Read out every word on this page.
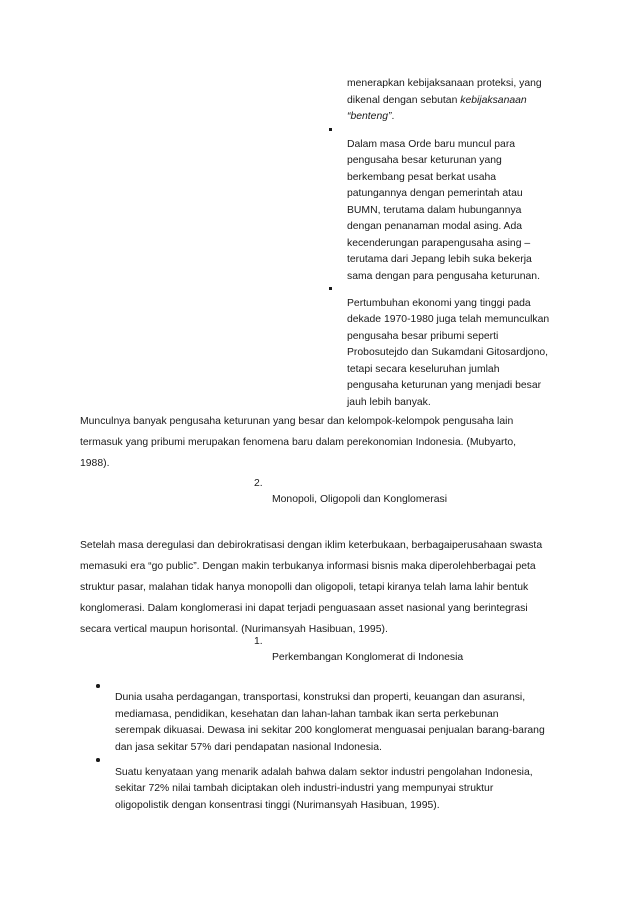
menerapkan kebijaksanaan proteksi, yang
dikenal dengan sebutan kebijaksanaan
“benteng”.
Dalam masa Orde baru muncul para
pengusaha besar keturunan yang
berkembang pesat berkat usaha
patungannya dengan pemerintah atau
BUMN, terutama dalam hubungannya
dengan penanaman modal asing. Ada
kecenderungan parapengusaha asing –
terutama dari Jepang lebih suka bekerja
sama dengan para pengusaha keturunan.
Pertumbuhan ekonomi yang tinggi pada
dekade 1970-1980 juga telah memunculkan
pengusaha besar pribumi seperti
Probosutejdo dan Sukamdani Gitosardjono,
tetapi secara keseluruhan jumlah
pengusaha keturunan yang menjadi besar
jauh lebih banyak.
Munculnya banyak pengusaha keturunan yang besar dan kelompok-kelompok pengusaha lain
termasuk yang pribumi merupakan fenomena baru dalam perekonomian Indonesia. (Mubyarto,
1988).
2.
Monopoli, Oligopoli dan Konglomerasi
Setelah masa deregulasi dan debirokratisasi dengan iklim keterbukaan, berbagaiperusahaan swasta
memasuki era “go public”. Dengan makin terbukanya informasi bisnis maka diperolehberbagai peta
struktur pasar, malahan tidak hanya monopolli dan oligopoli, tetapi kiranya telah lama lahir bentuk
konglomerasi. Dalam konglomerasi ini dapat terjadi penguasaan asset nasional yang berintegrasi
secara vertical maupun horisontal. (Nurimansyah Hasibuan, 1995).
1.
Perkembangan Konglomerat di Indonesia
Dunia usaha perdagangan, transportasi, konstruksi dan properti, keuangan dan asuransi,
mediamasa, pendidikan, kesehatan dan lahan-lahan tambak ikan serta perkebunan
serempak dikuasai. Dewasa ini sekitar 200 konglomerat menguasai penjualan barang-barang
dan jasa sekitar 57% dari pendapatan nasional Indonesia.
Suatu kenyataan yang menarik adalah bahwa dalam sektor industri pengolahan Indonesia,
sekitar 72% nilai tambah diciptakan oleh industri-industri yang mempunyai struktur
oligopolistik dengan konsentrasi tinggi (Nurimansyah Hasibuan, 1995).
